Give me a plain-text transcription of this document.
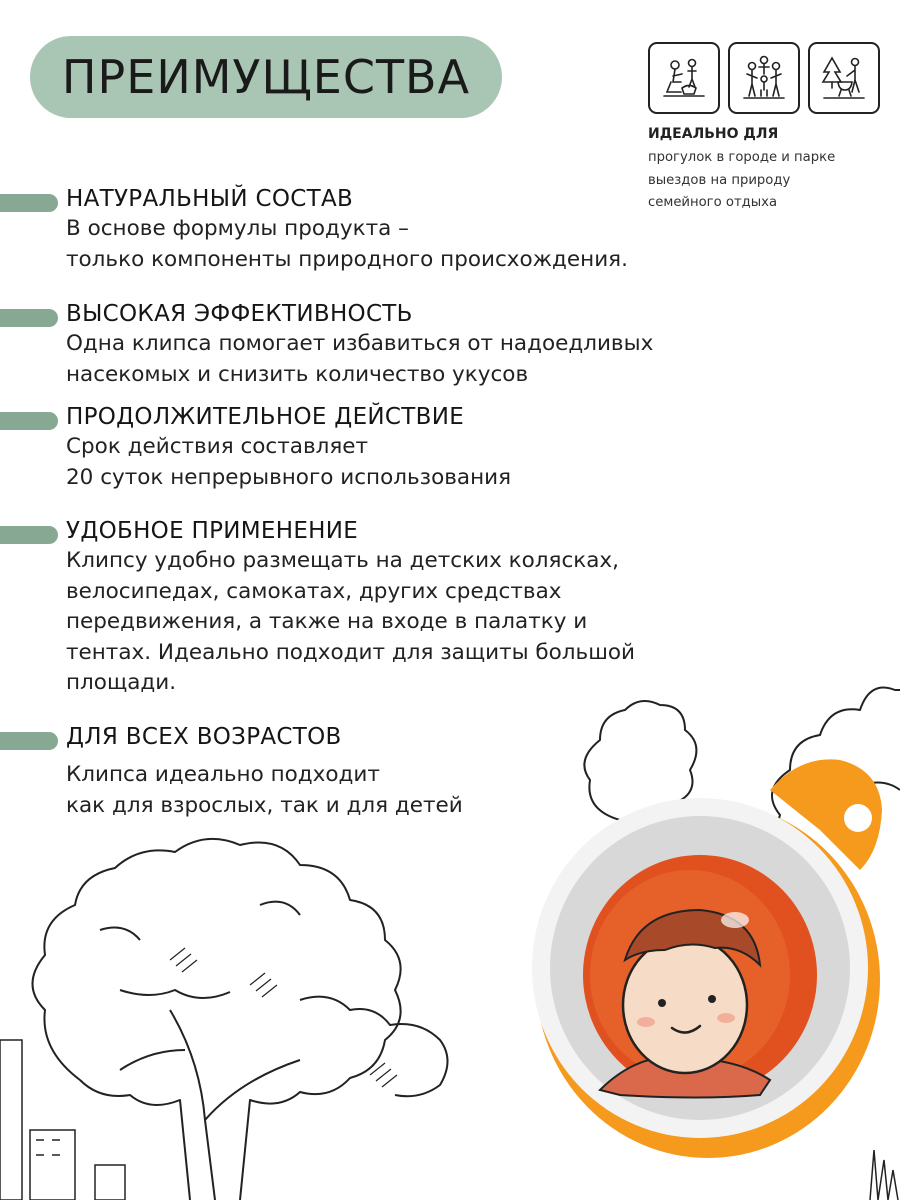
ПРЕИМУЩЕСТВА
ИДЕАЛЬНО ДЛЯ
прогулок в городе и парке
выездов на природу
семейного отдыха
НАТУРАЛЬНЫЙ СОСТАВ
В основе формулы продукта –
только компоненты природного происхождения.
ВЫСОКАЯ ЭФФЕКТИВНОСТЬ
Одна клипса помогает избавиться от надоедливых
насекомых и снизить количество укусов
ПРОДОЛЖИТЕЛЬНОЕ ДЕЙСТВИЕ
Срок действия составляет
20 суток непрерывного использования
УДОБНОЕ ПРИМЕНЕНИЕ
Клипсу удобно размещать на детских колясках,
велосипедах, самокатах, других средствах
передвижения, а также на входе в палатку и
тентах. Идеально подходит для защиты большой
площади.
ДЛЯ ВСЕХ ВОЗРАСТОВ
Клипса идеально подходит
как для взрослых, так и для детей
